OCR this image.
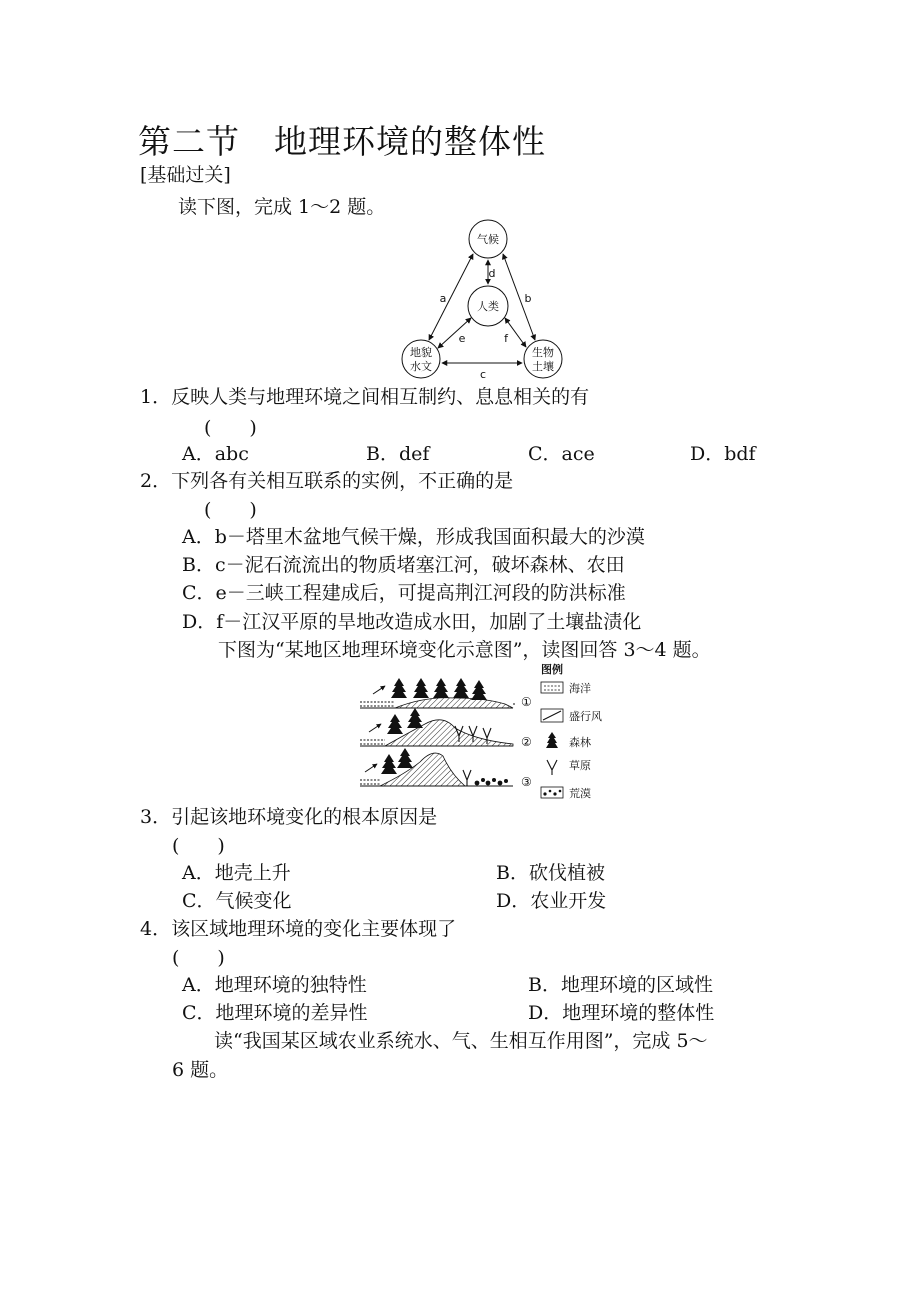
第二节 地理环境的整体性
[基础过关]
读下图，完成 1～2 题。
气候
人类
地貌
水文
生物
土壤
a	b
c
d
e	f
1．反映人类与地理环境之间相互制约、息息相关的有
(　　)
A．abc	B．def	C．ace	D．bdf
2．下列各有关相互联系的实例，不正确的是
(　　)
A．b－塔里木盆地气候干燥，形成我国面积最大的沙漠
B．c－泥石流流出的物质堵塞江河，破坏森林、农田
C．e－三峡工程建成后，可提高荆江河段的防洪标准
D．f－江汉平原的旱地改造成水田，加剧了土壤盐渍化
下图为“某地区地理环境变化示意图”，读图回答 3～4 题。
①
②
③
图例
海洋
盛行风
森林
草原
荒漠
3．引起该地环境变化的根本原因是
(　　)
A．地壳上升	B．砍伐植被
C．气候变化	D．农业开发
4．该区域地理环境的变化主要体现了
(　　)
A．地理环境的独特性	B．地理环境的区域性
C．地理环境的差异性	D．地理环境的整体性
读“我国某区域农业系统水、气、生相互作用图”，完成 5～
6 题。
